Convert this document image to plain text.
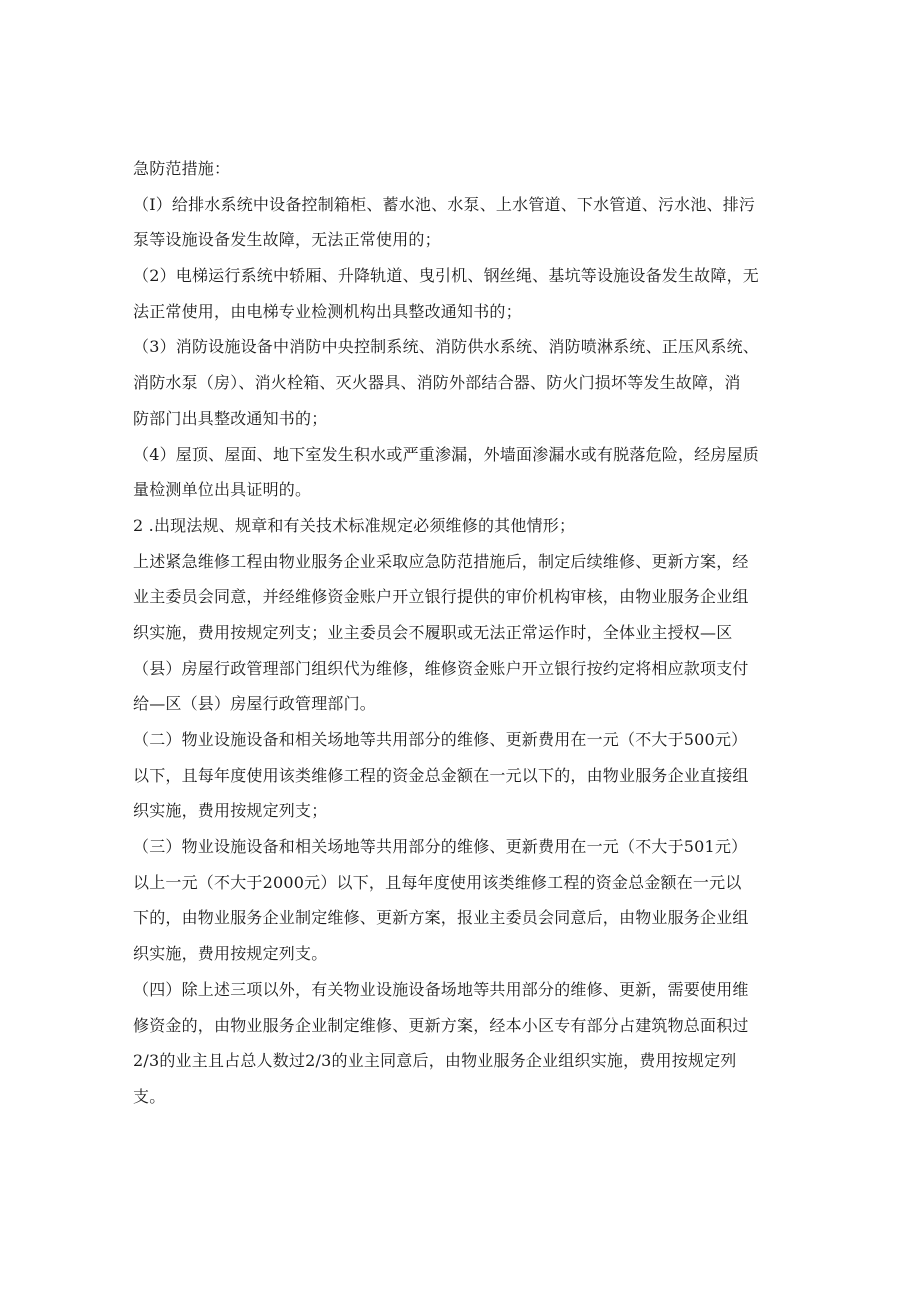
急防范措施：
（I）给排水系统中设备控制箱柜、蓄水池、水泵、上水管道、下水管道、污水池、排污
泵等设施设备发生故障，无法正常使用的；
（2）电梯运行系统中轿厢、升降轨道、曳引机、钢丝绳、基坑等设施设备发生故障，无
法正常使用，由电梯专业检测机构出具整改通知书的；
（3）消防设施设备中消防中央控制系统、消防供水系统、消防喷淋系统、正压风系统、
消防水泵（房）、消火栓箱、灭火器具、消防外部结合器、防火门损坏等发生故障，消
防部门出具整改通知书的；
（4）屋顶、屋面、地下室发生积水或严重渗漏，外墙面渗漏水或有脱落危险，经房屋质
量检测单位出具证明的。
2 .出现法规、规章和有关技术标准规定必须维修的其他情形；
上述紧急维修工程由物业服务企业采取应急防范措施后，制定后续维修、更新方案，经
业主委员会同意，并经维修资金账户开立银行提供的审价机构审核，由物业服务企业组
织实施，费用按规定列支；业主委员会不履职或无法正常运作时，全体业主授权—区
（县）房屋行政管理部门组织代为维修，维修资金账户开立银行按约定将相应款项支付
给—区（县）房屋行政管理部门。
（二）物业设施设备和相关场地等共用部分的维修、更新费用在一元（不大于500元）
以下，且每年度使用该类维修工程的资金总金额在一元以下的，由物业服务企业直接组
织实施，费用按规定列支；
（三）物业设施设备和相关场地等共用部分的维修、更新费用在一元（不大于501元）
以上一元（不大于2000元）以下，且每年度使用该类维修工程的资金总金额在一元以
下的，由物业服务企业制定维修、更新方案，报业主委员会同意后，由物业服务企业组
织实施，费用按规定列支。
（四）除上述三项以外，有关物业设施设备场地等共用部分的维修、更新，需要使用维
修资金的，由物业服务企业制定维修、更新方案，经本小区专有部分占建筑物总面积过
2/3的业主且占总人数过2/3的业主同意后，由物业服务企业组织实施，费用按规定列
支。
